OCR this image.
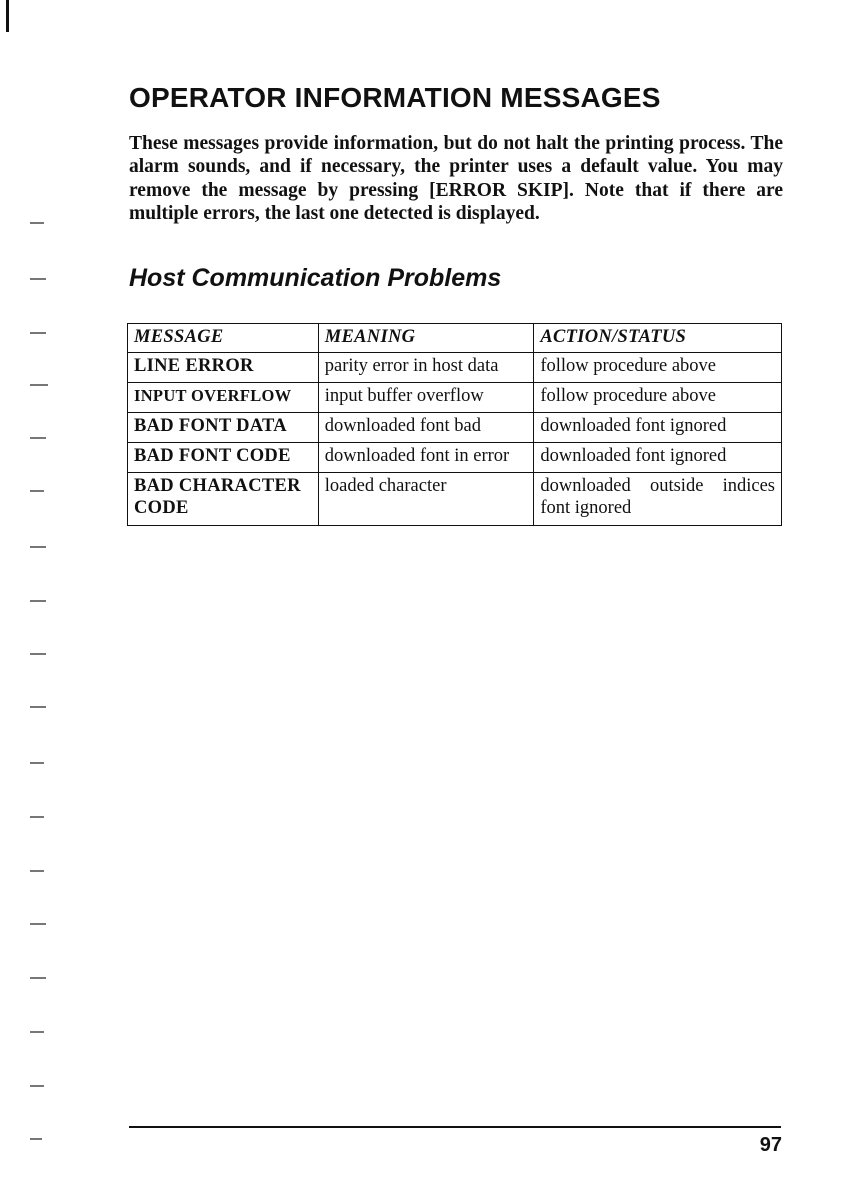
OPERATOR INFORMATION MESSAGES

These messages provide information, but do not halt the printing process. The alarm sounds, and if necessary, the printer uses a default value. You may remove the message by pressing [ERROR SKIP]. Note that if there are multiple errors, the last one detected is displayed.

Host Communication Problems
MESSAGE	MEANING	ACTION/STATUS
LINE ERROR	parity error in host data	follow procedure above
INPUT OVERFLOW	input buffer overflow	follow procedure above
BAD FONT DATA	downloaded font bad	downloaded font ignored
BAD FONT CODE	downloaded font in error	downloaded font ignored
BAD CHARACTER CODE	loaded character	downloaded outside indices font ignored
97
